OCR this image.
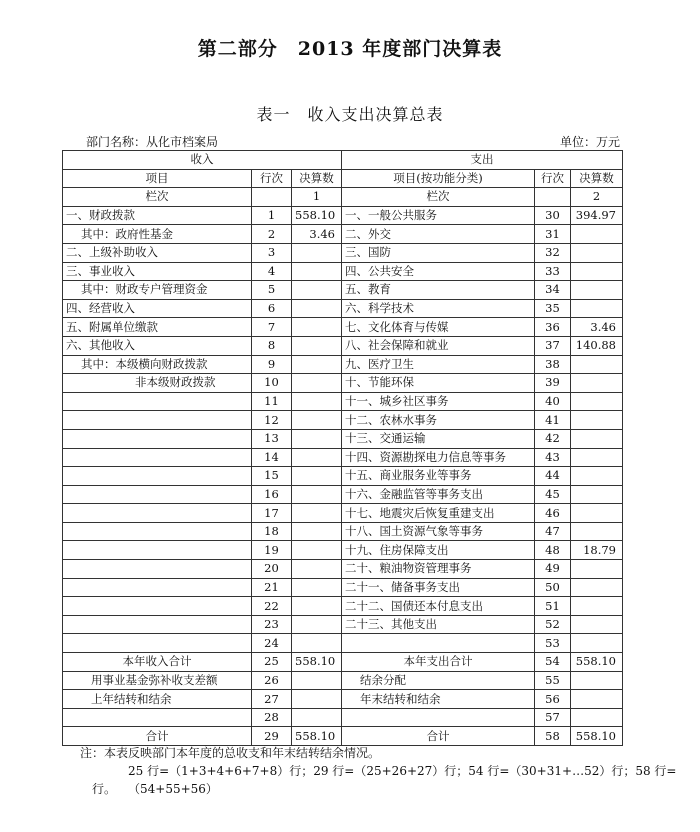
第二部分　2013 年度部门决算表
表一　收入支出决算总表
部门名称：从化市档案局	单位：万元
收入			支出		
项目	行次	决算数	项目(按功能分类)	行次	决算数
栏次		1	栏次		2
一、财政拨款	1	558.10	一、一般公共服务	30	394.97
其中：政府性基金	2	3.46	二、外交	31	
二、上级补助收入	3		三、国防	32	
三、事业收入	4		四、公共安全	33	
其中：财政专户管理资金	5		五、教育	34	
四、经营收入	6		六、科学技术	35	
五、附属单位缴款	7		七、文化体育与传媒	36	3.46
六、其他收入	8		八、社会保障和就业	37	140.88
其中：本级横向财政拨款	9		九、医疗卫生	38	
非本级财政拨款	10		十、节能环保	39	
	11		十一、城乡社区事务	40	
	12		十二、农林水事务	41	
	13		十三、交通运输	42	
	14		十四、资源勘探电力信息等事务	43	
	15		十五、商业服务业等事务	44	
	16		十六、金融监管等事务支出	45	
	17		十七、地震灾后恢复重建支出	46	
	18		十八、国土资源气象等事务	47	
	19		十九、住房保障支出	48	18.79
	20		二十、粮油物资管理事务	49	
	21		二十一、储备事务支出	50	
	22		二十二、国债还本付息支出	51	
	23		二十三、其他支出	52	
	24			53	
本年收入合计	25	558.10	本年支出合计	54	558.10
用事业基金弥补收支差额	26		结余分配	55	
上年结转和结余	27		年末结转和结余	56	
	28			57	
合计	29	558.10	合计	58	558.10
注：本表反映部门本年度的总收支和年末结转结余情况。
25 行=（1+3+4+6+7+8）行；29 行=（25+26+27）行；54 行=（30+31+…52）行；58 行=（54+55+56）
行。
